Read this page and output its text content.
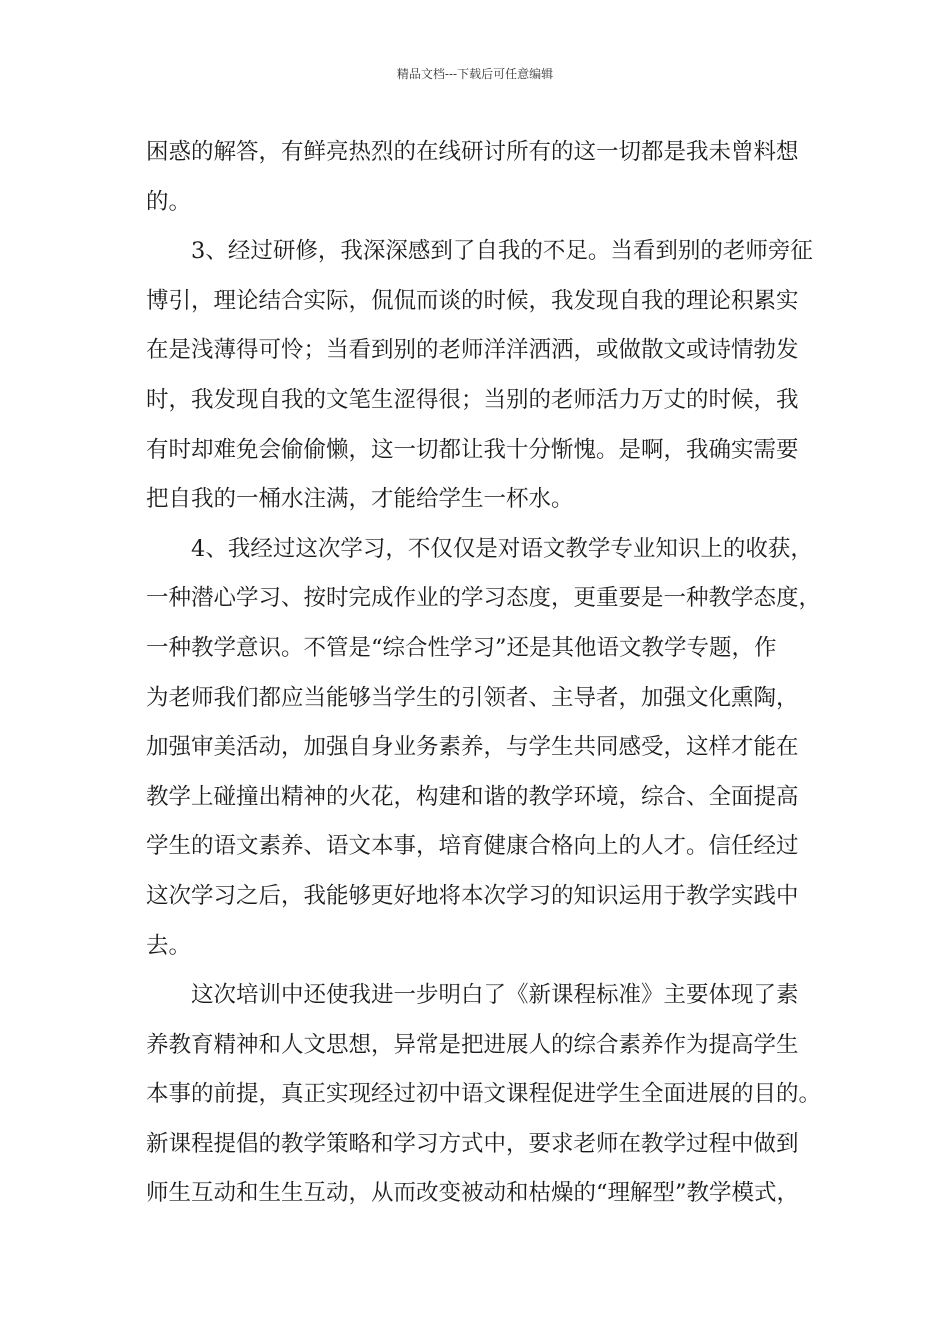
精品文档---下载后可任意编辑
困惑的解答，有鲜亮热烈的在线研讨所有的这一切都是我未曾料想
的。
3、经过研修，我深深感到了自我的不足。当看到别的老师旁征
博引，理论结合实际，侃侃而谈的时候，我发现自我的理论积累实
在是浅薄得可怜；当看到别的老师洋洋洒洒，或做散文或诗情勃发
时，我发现自我的文笔生涩得很；当别的老师活力万丈的时候，我
有时却难免会偷偷懒，这一切都让我十分惭愧。是啊，我确实需要
把自我的一桶水注满，才能给学生一杯水。
4、我经过这次学习，不仅仅是对语文教学专业知识上的收获，
一种潜心学习、按时完成作业的学习态度，更重要是一种教学态度，
一种教学意识。不管是“综合性学习”还是其他语文教学专题，作
为老师我们都应当能够当学生的引领者、主导者，加强文化熏陶，
加强审美活动，加强自身业务素养，与学生共同感受，这样才能在
教学上碰撞出精神的火花，构建和谐的教学环境，综合、全面提高
学生的语文素养、语文本事，培育健康合格向上的人才。信任经过
这次学习之后，我能够更好地将本次学习的知识运用于教学实践中
去。
这次培训中还使我进一步明白了《新课程标准》主要体现了素
养教育精神和人文思想，异常是把进展人的综合素养作为提高学生
本事的前提，真正实现经过初中语文课程促进学生全面进展的目的。
新课程提倡的教学策略和学习方式中，要求老师在教学过程中做到
师生互动和生生互动，从而改变被动和枯燥的“理解型”教学模式，
